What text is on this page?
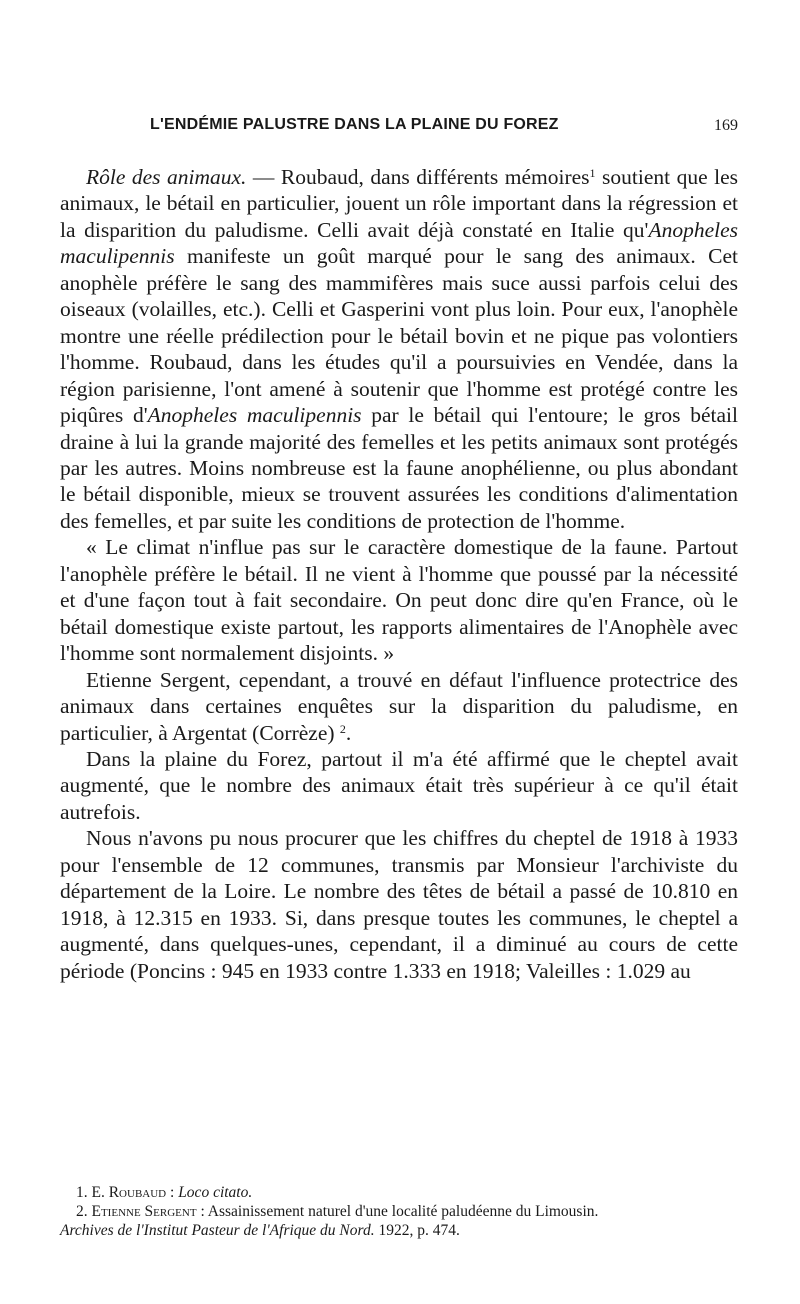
L'ENDÉMIE PALUSTRE DANS LA PLAINE DU FOREZ	169

Rôle des animaux. — Roubaud, dans différents mémoires$^1$ soutient que les animaux, le bétail en particulier, jouent un rôle important dans la régression et la disparition du paludisme. Celli avait déjà constaté en Italie qu'Anopheles maculipennis manifeste un goût marqué pour le sang des animaux. Cet anophèle préfère le sang des mammifères mais suce aussi parfois celui des oiseaux (volailles, etc.). Celli et Gasperini vont plus loin. Pour eux, l'anophèle montre une réelle prédilection pour le bétail bovin et ne pique pas volontiers l'homme. Roubaud, dans les études qu'il a poursuivies en Vendée, dans la région parisienne, l'ont amené à soutenir que l'homme est protégé contre les piqûres d'Anopheles maculipennis par le bétail qui l'entoure; le gros bétail draine à lui la grande majorité des femelles et les petits animaux sont protégés par les autres. Moins nombreuse est la faune anophélienne, ou plus abondant le bétail disponible, mieux se trouvent assurées les conditions d'alimentation des femelles, et par suite les conditions de protection de l'homme.

« Le climat n'influe pas sur le caractère domestique de la faune. Partout l'anophèle préfère le bétail. Il ne vient à l'homme que poussé par la nécessité et d'une façon tout à fait secondaire. On peut donc dire qu'en France, où le bétail domestique existe partout, les rapports alimentaires de l'Anophèle avec l'homme sont normalement disjoints. »

Etienne Sergent, cependant, a trouvé en défaut l'influence protectrice des animaux dans certaines enquêtes sur la disparition du paludisme, en particulier, à Argentat (Corrèze) $^2$.

Dans la plaine du Forez, partout il m'a été affirmé que le cheptel avait augmenté, que le nombre des animaux était très supérieur à ce qu'il était autrefois.

Nous n'avons pu nous procurer que les chiffres du cheptel de 1918 à 1933 pour l'ensemble de 12 communes, transmis par Monsieur l'archiviste du département de la Loire. Le nombre des têtes de bétail a passé de 10.810 en 1918, à 12.315 en 1933. Si, dans presque toutes les communes, le cheptel a augmenté, dans quelques-unes, cependant, il a diminué au cours de cette période (Poncins : 945 en 1933 contre 1.333 en 1918; Valeilles : 1.029 au

1. E. Roubaud : Loco citato.
2. Etienne Sergent : Assainissement naturel d'une localité paludéenne du Limousin.
Archives de l'Institut Pasteur de l'Afrique du Nord. 1922, p. 474.
